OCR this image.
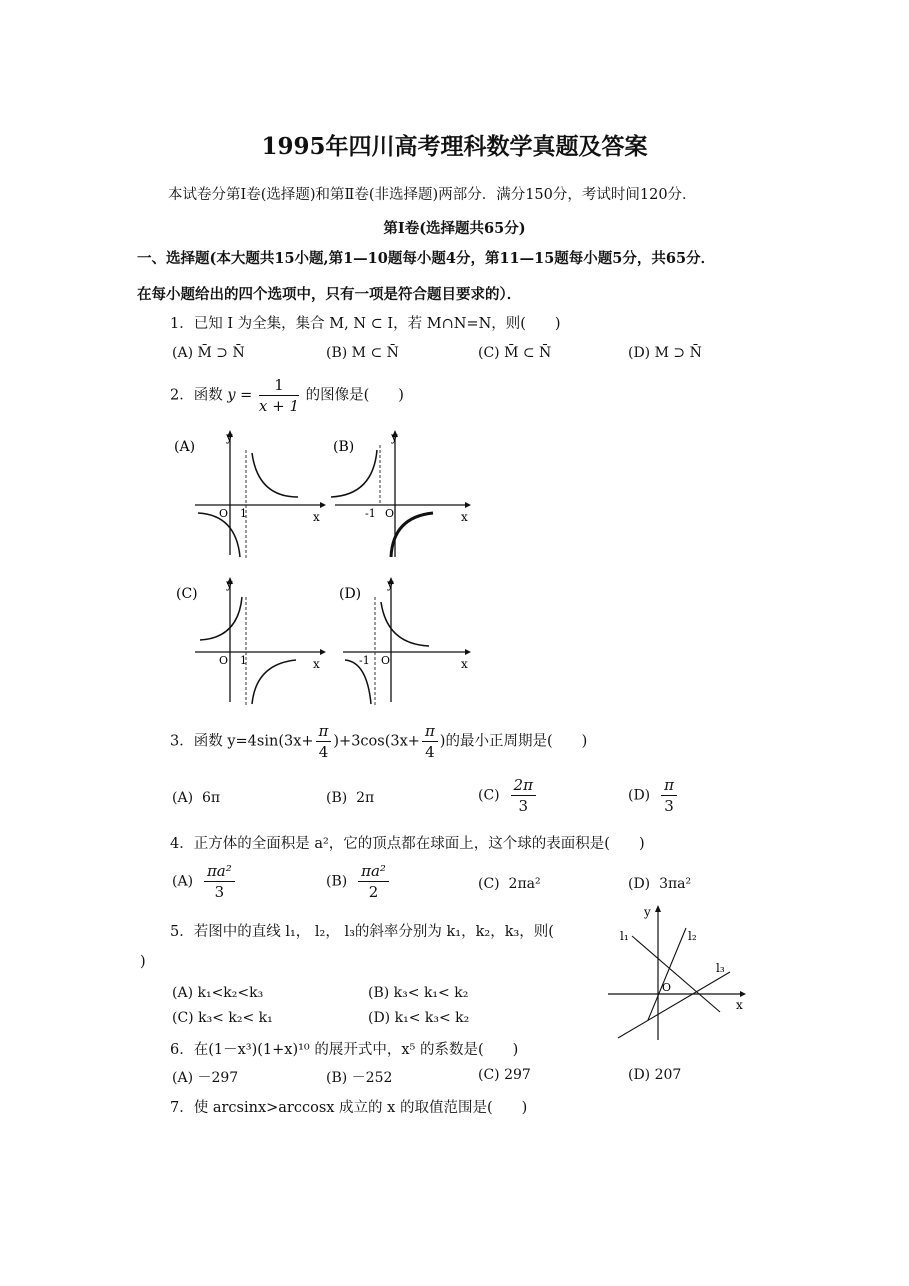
1995年四川高考理科数学真题及答案
本试卷分第Ⅰ卷(选择题)和第Ⅱ卷(非选择题)两部分．满分150分，考试时间120分．
第Ⅰ卷(选择题共65分)
一、选择题(本大题共15小题,第1—10题每小题4分，第11—15题每小题5分，共65分．
在每小题给出的四个选项中，只有一项是符合题目要求的）．
1．已知 I 为全集，集合 M, N ⊂ I，若 M∩N=N，则(　　)
(A) M̄ ⊃ N̄	(B) M ⊂ N̄	(C) M̄ ⊂ N̄	(D) M ⊃ N̄
2．函数 $y = \frac{1}{x + 1}$ 的图像是(　　)
(A)
y
x
O 1
(B)
y
x
O
-1
(C)
y
x
O 1
(D)
y
x
O
-1
3．函数 $y=4\sin(3x+ \frac{\pi}{4} )+3\cos(3x+ \frac{\pi}{4}$ )的最小正周期是(　　)
(A) 6π	(B) 2π	$(C) \frac{2\pi}{3}$	$(D) \frac{\pi}{3}$
4．正方体的全面积是 a²，它的顶点都在球面上，这个球的表面积是(　　)
$(A) \frac{\text{πa²}}{3}$	$(B) \frac{\text{πa²}}{2}$	(C) 2πa²	(D) 3πa²
5．若图中的直线 l₁， l₂， l₃的斜率分别为 k₁，k₂，k₃，则(
)
(A) k₁<k₂<k₃	(B) k₃< k₁< k₂
(C) k₃< k₂< k₁	(D) k₁< k₃< k₂
y
x
O
l₁	l₂
l₃
6．在(1－x³)(1+x)¹⁰ 的展开式中，x⁵ 的系数是(　　)
(A) －297	(B) －252	(C) 297	(D) 207
7．使 arcsinx>arccosx 成立的 x 的取值范围是(　　)
